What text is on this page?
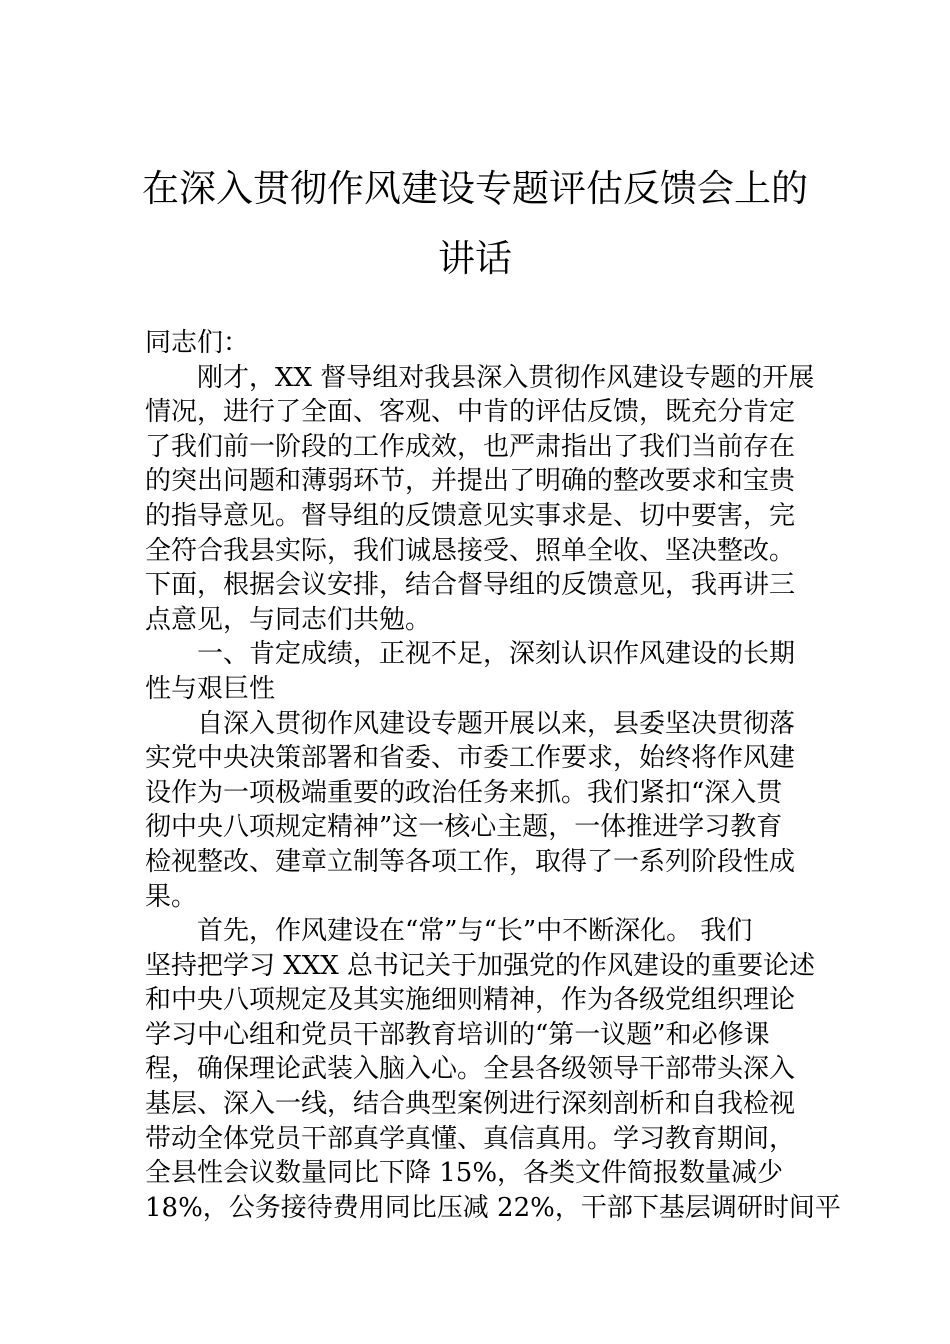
在深入贯彻作风建设专题评估反馈会上的
讲话
同志们：
刚才，XX 督导组对我县深入贯彻作风建设专题的开展
情况，进行了全面、客观、中肯的评估反馈，既充分肯定
了我们前一阶段的工作成效，也严肃指出了我们当前存在
的突出问题和薄弱环节，并提出了明确的整改要求和宝贵
的指导意见。督导组的反馈意见实事求是、切中要害，完
全符合我县实际，我们诚恳接受、照单全收、坚决整改。
下面，根据会议安排，结合督导组的反馈意见，我再讲三
点意见，与同志们共勉。
一、肯定成绩，正视不足，深刻认识作风建设的长期
性与艰巨性
自深入贯彻作风建设专题开展以来，县委坚决贯彻落
实党中央决策部署和省委、市委工作要求，始终将作风建
设作为一项极端重要的政治任务来抓。我们紧扣“深入贯
彻中央八项规定精神”这一核心主题，一体推进学习教育
检视整改、建章立制等各项工作，取得了一系列阶段性成
果。
首先，作风建设在“常”与“长”中不断深化。 我们
坚持把学习 XXX 总书记关于加强党的作风建设的重要论述
和中央八项规定及其实施细则精神，作为各级党组织理论
学习中心组和党员干部教育培训的“第一议题”和必修课
程，确保理论武装入脑入心。全县各级领导干部带头深入
基层、深入一线，结合典型案例进行深刻剖析和自我检视
带动全体党员干部真学真懂、真信真用。学习教育期间，
全县性会议数量同比下降 15%，各类文件简报数量减少
18%，公务接待费用同比压减 22%，干部下基层调研时间平
